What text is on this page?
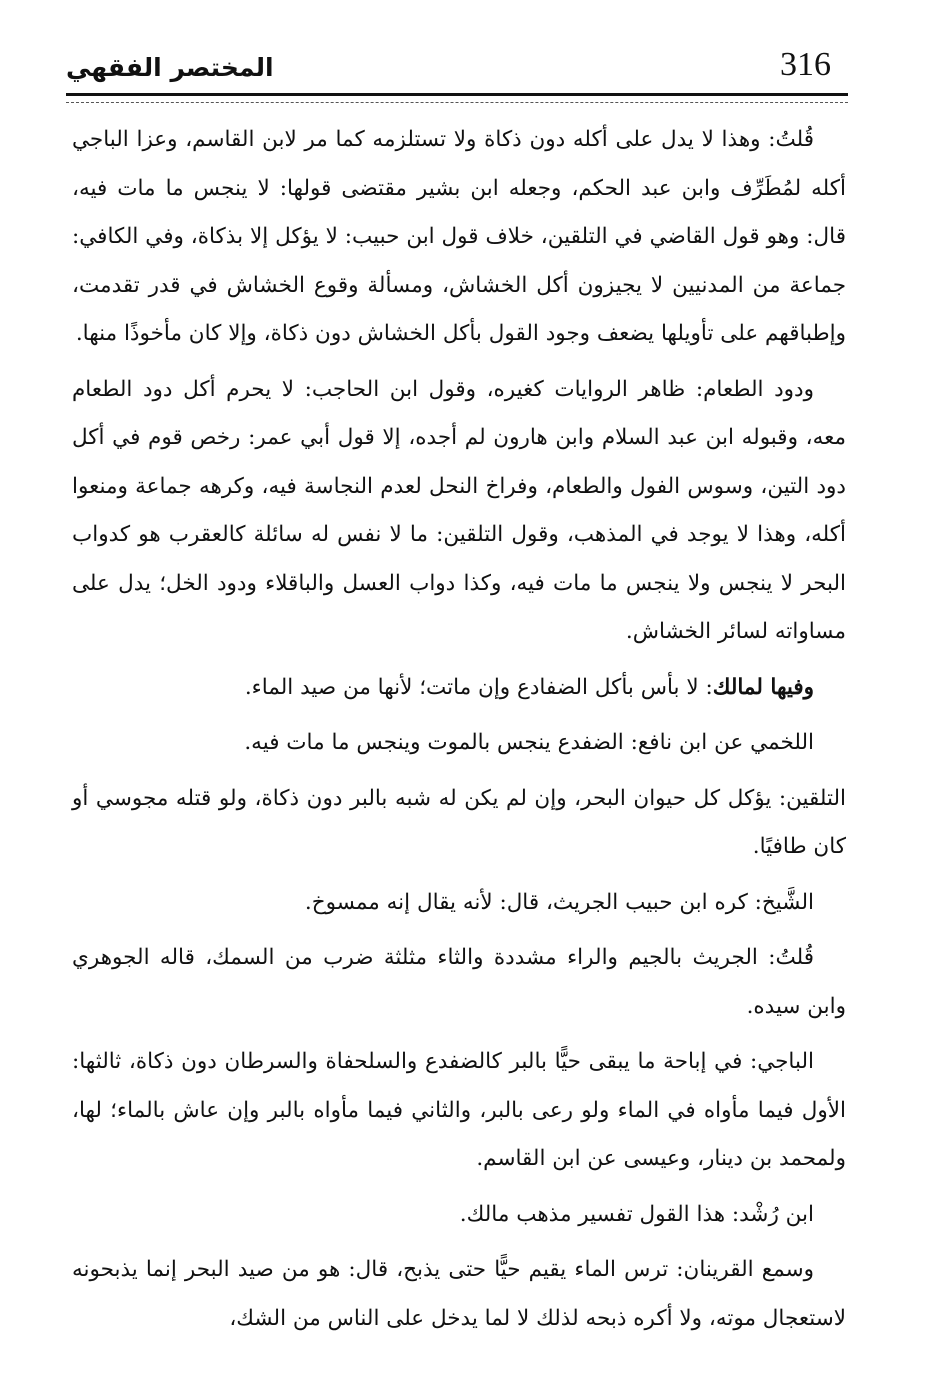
316
المختصر الفقهي

قُلتُ: وهذا لا يدل على أكله دون ذكاة ولا تستلزمه كما مر لابن القاسم، وعزا الباجي أكله لمُطَرِّف وابن عبد الحكم، وجعله ابن بشير مقتضى قولها: لا ينجس ما مات فيه، قال: وهو قول القاضي في التلقين، خلاف قول ابن حبيب: لا يؤكل إلا بذكاة، وفي الكافي: جماعة من المدنيين لا يجيزون أكل الخشاش، ومسألة وقوع الخشاش في قدر تقدمت، وإطباقهم على تأويلها يضعف وجود القول بأكل الخشاش دون ذكاة، وإلا كان مأخوذًا منها.

ودود الطعام: ظاهر الروايات كغيره، وقول ابن الحاجب: لا يحرم أكل دود الطعام معه، وقبوله ابن عبد السلام وابن هارون لم أجده، إلا قول أبي عمر: رخص قوم في أكل دود التين، وسوس الفول والطعام، وفراخ النحل لعدم النجاسة فيه، وكرهه جماعة ومنعوا أكله، وهذا لا يوجد في المذهب، وقول التلقين: ما لا نفس له سائلة كالعقرب هو كدواب البحر لا ينجس ولا ينجس ما مات فيه، وكذا دواب العسل والباقلاء ودود الخل؛ يدل على مساواته لسائر الخشاش.

وفيها لمالك: لا بأس بأكل الضفادع وإن ماتت؛ لأنها من صيد الماء.

اللخمي عن ابن نافع: الضفدع ينجس بالموت وينجس ما مات فيه.

التلقين: يؤكل كل حيوان البحر، وإن لم يكن له شبه بالبر دون ذكاة، ولو قتله مجوسي أو كان طافيًا.

الشَّيخ: كره ابن حبيب الجريث، قال: لأنه يقال إنه ممسوخ.

قُلتُ: الجريث بالجيم والراء مشددة والثاء مثلثة ضرب من السمك، قاله الجوهري وابن سيده.

الباجي: في إباحة ما يبقى حيًّا بالبر كالضفدع والسلحفاة والسرطان دون ذكاة، ثالثها: الأول فيما مأواه في الماء ولو رعى بالبر، والثاني فيما مأواه بالبر وإن عاش بالماء؛ لها، ولمحمد بن دينار، وعيسى عن ابن القاسم.

ابن رُشْد: هذا القول تفسير مذهب مالك.

وسمع القرينان: ترس الماء يقيم حيًّا حتى يذبح، قال: هو من صيد البحر إنما يذبحونه لاستعجال موته، ولا أكره ذبحه لذلك لا لما يدخل على الناس من الشك،
